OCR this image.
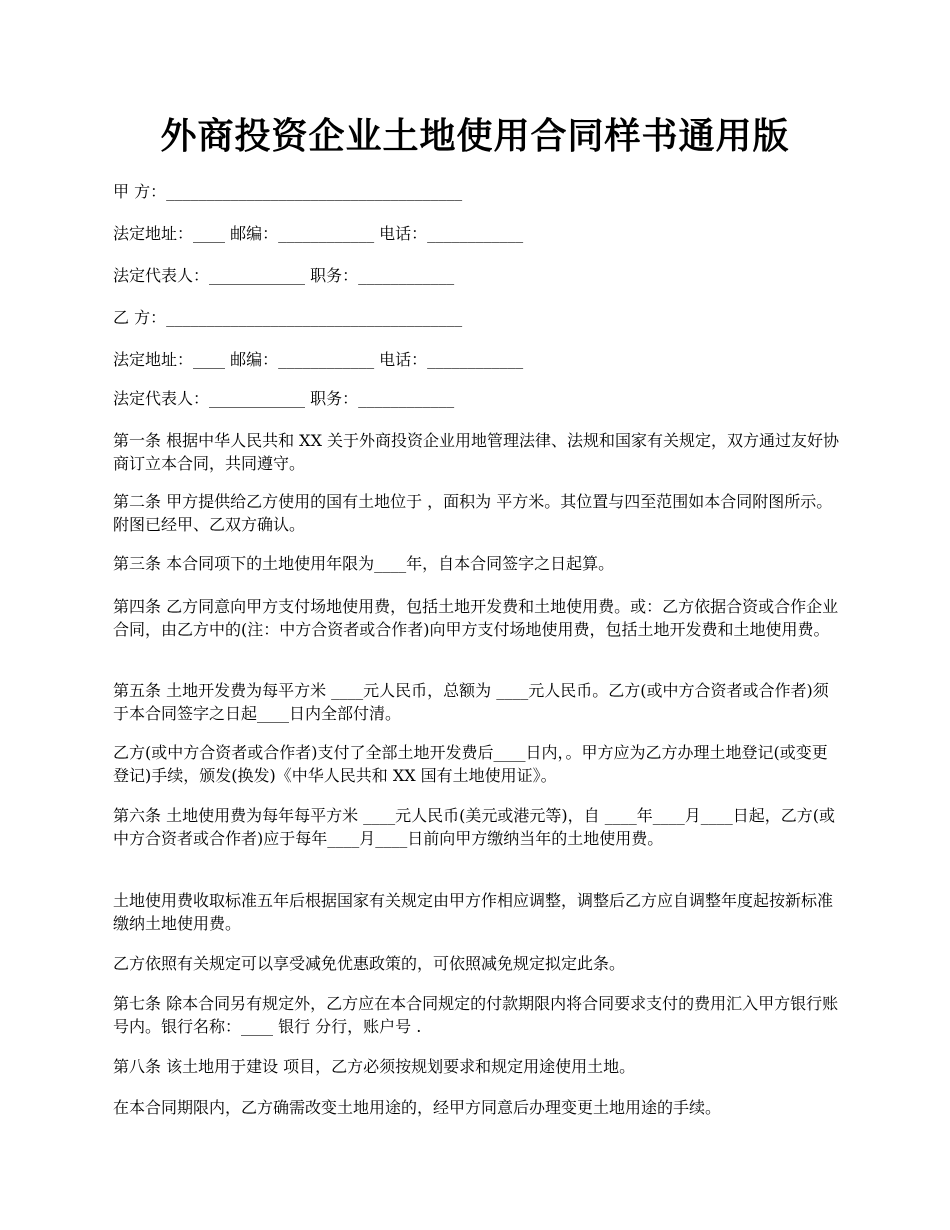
外商投资企业土地使用合同样书通用版

甲 方：_____________________________________

法定地址：____ 邮编：____________ 电话：____________

法定代表人：____________ 职务：____________

乙 方：_____________________________________

法定地址：____ 邮编：____________ 电话：____________

法定代表人：____________ 职务：____________

第一条 根据中华人民共和 XX 关于外商投资企业用地管理法律、法规和国家有关规定，双方通过友好协商订立本合同，共同遵守。

第二条 甲方提供给乙方使用的国有土地位于 ，面积为 平方米。其位置与四至范围如本合同附图所示。附图已经甲、乙双方确认。

第三条 本合同项下的土地使用年限为____年，自本合同签字之日起算。

第四条 乙方同意向甲方支付场地使用费，包括土地开发费和土地使用费。或：乙方依据合资或合作企业合同，由乙方中的(注：中方合资者或合作者)向甲方支付场地使用费，包括土地开发费和土地使用费。

第五条 土地开发费为每平方米 ____元人民币，总额为 ____元人民币。乙方(或中方合资者或合作者)须于本合同签字之日起____日内全部付清。

乙方(或中方合资者或合作者)支付了全部土地开发费后____日内，。甲方应为乙方办理土地登记(或变更登记)手续，颁发(换发)《中华人民共和 XX 国有土地使用证》。

第六条 土地使用费为每年每平方米 ____元人民币(美元或港元等)，自 ____年____月____日起，乙方(或中方合资者或合作者)应于每年____月____日前向甲方缴纳当年的土地使用费。

土地使用费收取标准五年后根据国家有关规定由甲方作相应调整，调整后乙方应自调整年度起按新标准缴纳土地使用费。

乙方依照有关规定可以享受减免优惠政策的，可依照减免规定拟定此条。

第七条 除本合同另有规定外，乙方应在本合同规定的付款期限内将合同要求支付的费用汇入甲方银行账号内。银行名称：____ 银行 分行，账户号 .

第八条 该土地用于建设 项目，乙方必须按规划要求和规定用途使用土地。

在本合同期限内，乙方确需改变土地用途的，经甲方同意后办理变更土地用途的手续。
